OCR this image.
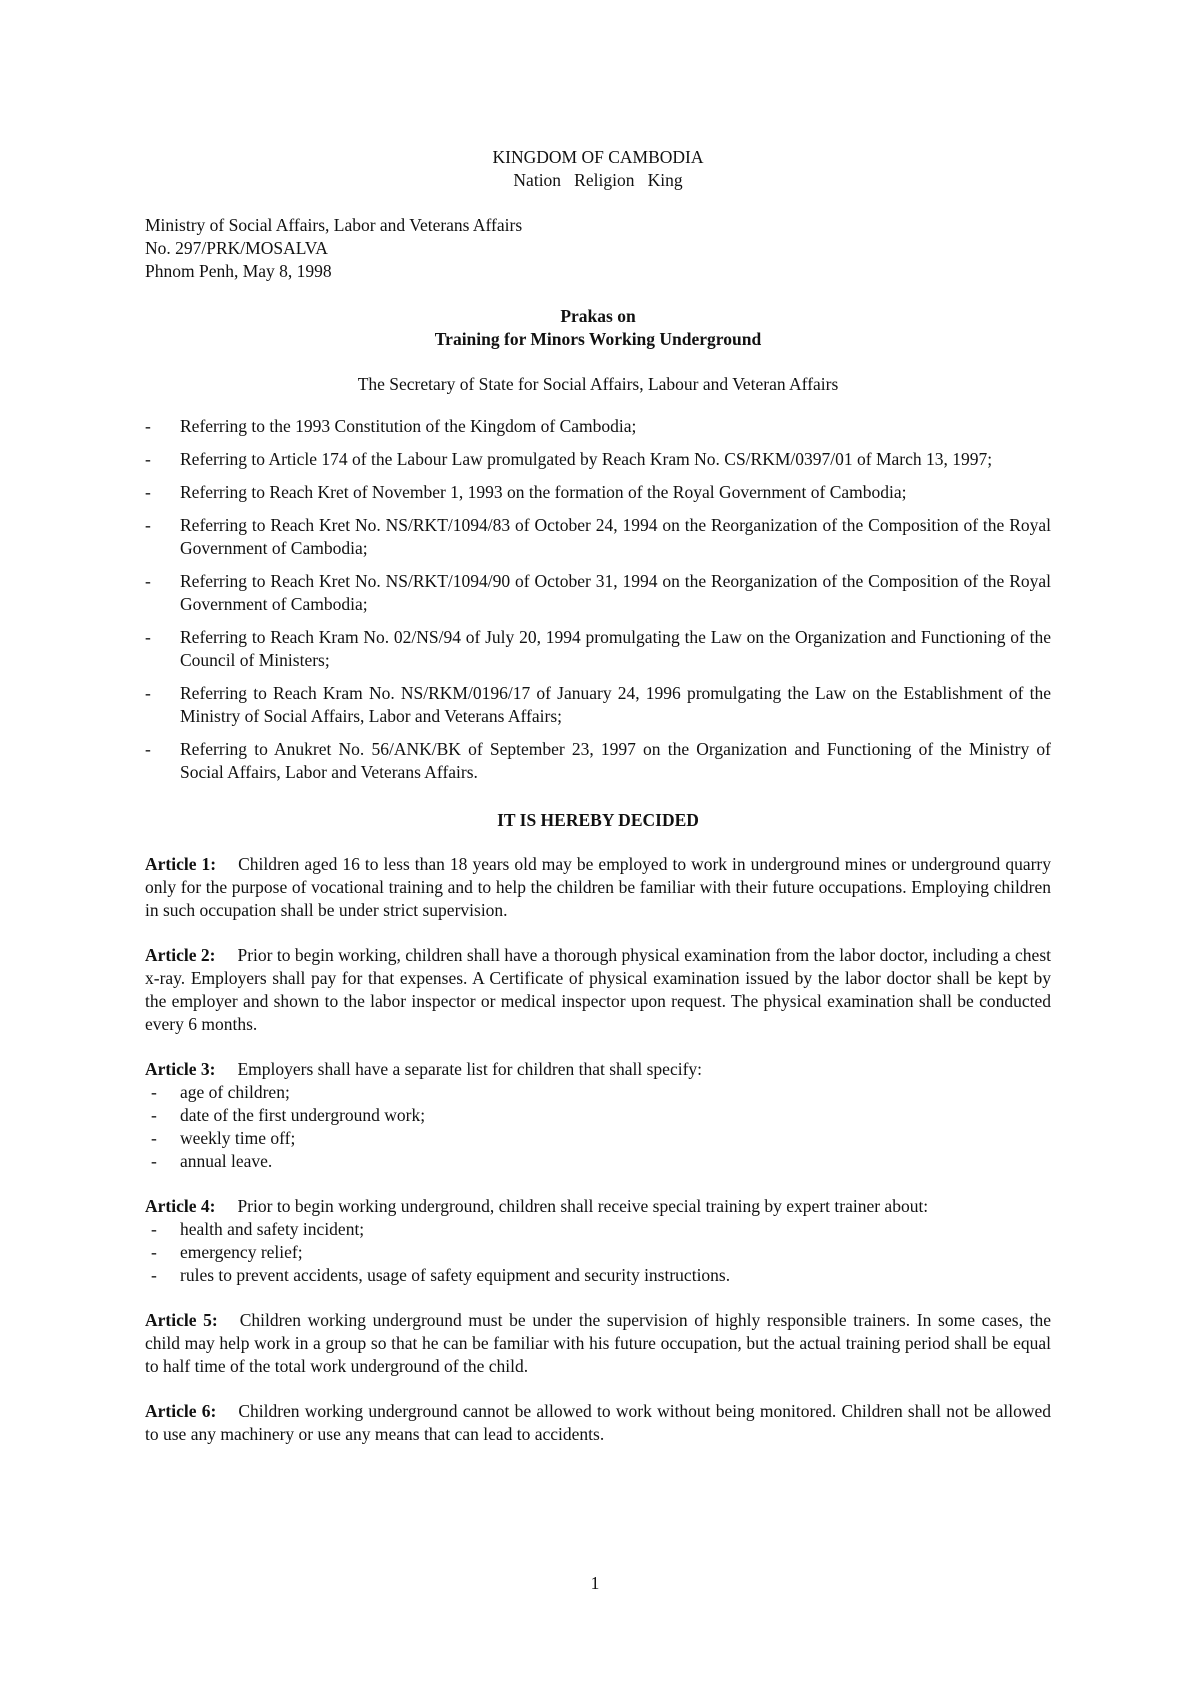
KINGDOM OF CAMBODIA
Nation   Religion   King
Ministry of Social Affairs, Labor and Veterans Affairs
No. 297/PRK/MOSALVA
Phnom Penh, May 8, 1998
Prakas on
Training for Minors Working Underground
The Secretary of State for Social Affairs, Labour and Veteran Affairs
-	Referring to the 1993 Constitution of the Kingdom of Cambodia;
-	Referring to Article 174 of the Labour Law promulgated by Reach Kram No. CS/RKM/0397/01 of March 13, 1997;
-	Referring to Reach Kret of November 1, 1993 on the formation of the Royal Government of Cambodia;
-	Referring to Reach Kret No. NS/RKT/1094/83 of October 24, 1994 on the Reorganization of the Composition of the Royal Government of Cambodia;
-	Referring to Reach Kret No. NS/RKT/1094/90 of October 31, 1994 on the Reorganization of the Composition of the Royal Government of Cambodia;
-	Referring to Reach Kram No. 02/NS/94 of July 20, 1994 promulgating the Law on the Organization and Functioning of the Council of Ministers;
-	Referring to Reach Kram No. NS/RKM/0196/17 of January 24, 1996 promulgating the Law on the Establishment of the Ministry of Social Affairs, Labor and Veterans Affairs;
-	Referring to Anukret No. 56/ANK/BK of September 23, 1997 on the Organization and Functioning of the Ministry of Social Affairs, Labor and Veterans Affairs.
IT IS HEREBY DECIDED
Article 1: Children aged 16 to less than 18 years old may be employed to work in underground mines or underground quarry only for the purpose of vocational training and to help the children be familiar with their future occupations. Employing children in such occupation shall be under strict supervision.
Article 2: Prior to begin working, children shall have a thorough physical examination from the labor doctor, including a chest x-ray. Employers shall pay for that expenses. A Certificate of physical examination issued by the labor doctor shall be kept by the employer and shown to the labor inspector or medical inspector upon request. The physical examination shall be conducted every 6 months.
Article 3: Employers shall have a separate list for children that shall specify:
-	age of children;
-	date of the first underground work;
-	weekly time off;
-	annual leave.
Article 4: Prior to begin working underground, children shall receive special training by expert trainer about:
-	health and safety incident;
-	emergency relief;
-	rules to prevent accidents, usage of safety equipment and security instructions.
Article 5: Children working underground must be under the supervision of highly responsible trainers. In some cases, the child may help work in a group so that he can be familiar with his future occupation, but the actual training period shall be equal to half time of the total work underground of the child.
Article 6: Children working underground cannot be allowed to work without being monitored. Children shall not be allowed to use any machinery or use any means that can lead to accidents.
1
